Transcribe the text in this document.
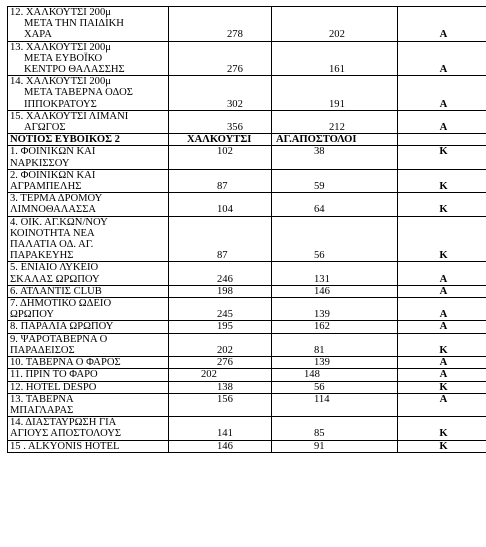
12. ΧΑΛΚΟΥΤΣΙ 200μ
ΜΕΤΑ ΤΗΝ ΠΑΙΔΙΚΗ
ΧΑΡΑ	278	202	Α

13. ΧΑΛΚΟΥΤΣΙ 200μ
ΜΕΤΑ ΕΥΒΟΪΚΟ
ΚΕΝΤΡΟ ΘΑΛΑΣΣΗΣ	276	161	Α

14. ΧΑΛΚΟΥΤΣΙ 200μ
ΜΕΤΑ ΤΑΒΕΡΝΑ ΟΔΟΣ
ΙΠΠΟΚΡΑΤΟΥΣ	302	191	Α

15. ΧΑΛΚΟΥΤΣΙ ΛΙΜΑΝΙ
ΑΓΩΓΟΣ	356	212	Α
ΝΟΤΙΟΣ ΕΥΒΟΙΚΟΣ 2	ΧΑΛΚΟΥΤΣΙ	ΑΓ.ΑΠΟΣΤΟΛΟΙ	

1. ΦΟΙΝΙΚΩΝ ΚΑΙ
ΝΑΡΚΙΣΣΟΥ	102	38	Κ

2. ΦΟΙΝΙΚΩΝ ΚΑΙ
ΑΓΡΑΜΠΕΛΗΣ	87	59	Κ

3. ΤΕΡΜΑ ΔΡΟΜΟΥ
ΛΙΜΝΟΘΑΛΑΣΣΑ	104	64	Κ

4. ΟΙΚ. ΑΓ.ΚΩΝ/ΝΟΥ
ΚΟΙΝΟΤΗΤΑ ΝΕΑ
ΠΑΛΑΤΙΑ ΟΔ. ΑΓ.
ΠΑΡΑΚΕΥΗΣ	87	56	Κ

5. ΕΝΙΑΙΟ ΛΥΚΕΙΟ
ΣΚΑΛΑΣ ΩΡΩΠΟΥ	246	131	Α

6. ΑΤΛΑΝΤΙΣ CLUB	198	146	Α

7. ΔΗΜΟΤΙΚΟ ΩΔΕΙΟ
ΩΡΩΠΟΥ	245	139	Α

8. ΠΑΡΑΛΙΑ ΩΡΩΠΟΥ	195	162	Α

9. ΨΑΡΟΤΑΒΕΡΝΑ Ο
ΠΑΡΑΔΕΙΣΟΣ	202	81	Κ

10. ΤΑΒΕΡΝΑ Ο ΦΑΡΟΣ	276	139	Α

11. ΠΡΙΝ ΤΟ ΦΑΡΟ	202	148	Α

12. HOTEL DESPO	138	56	Κ

13. ΤΑΒΕΡΝΑ
ΜΠΑΓΛΑΡΑΣ	156	114	Α

14. ΔΙΑΣΤΑΥΡΩΣΗ ΓΙΑ
ΑΓΙΟΥΣ ΑΠΟΣΤΟΛΟΥΣ	141	85	Κ

15 . ALKYONIS HOTEL	146	91	Κ
